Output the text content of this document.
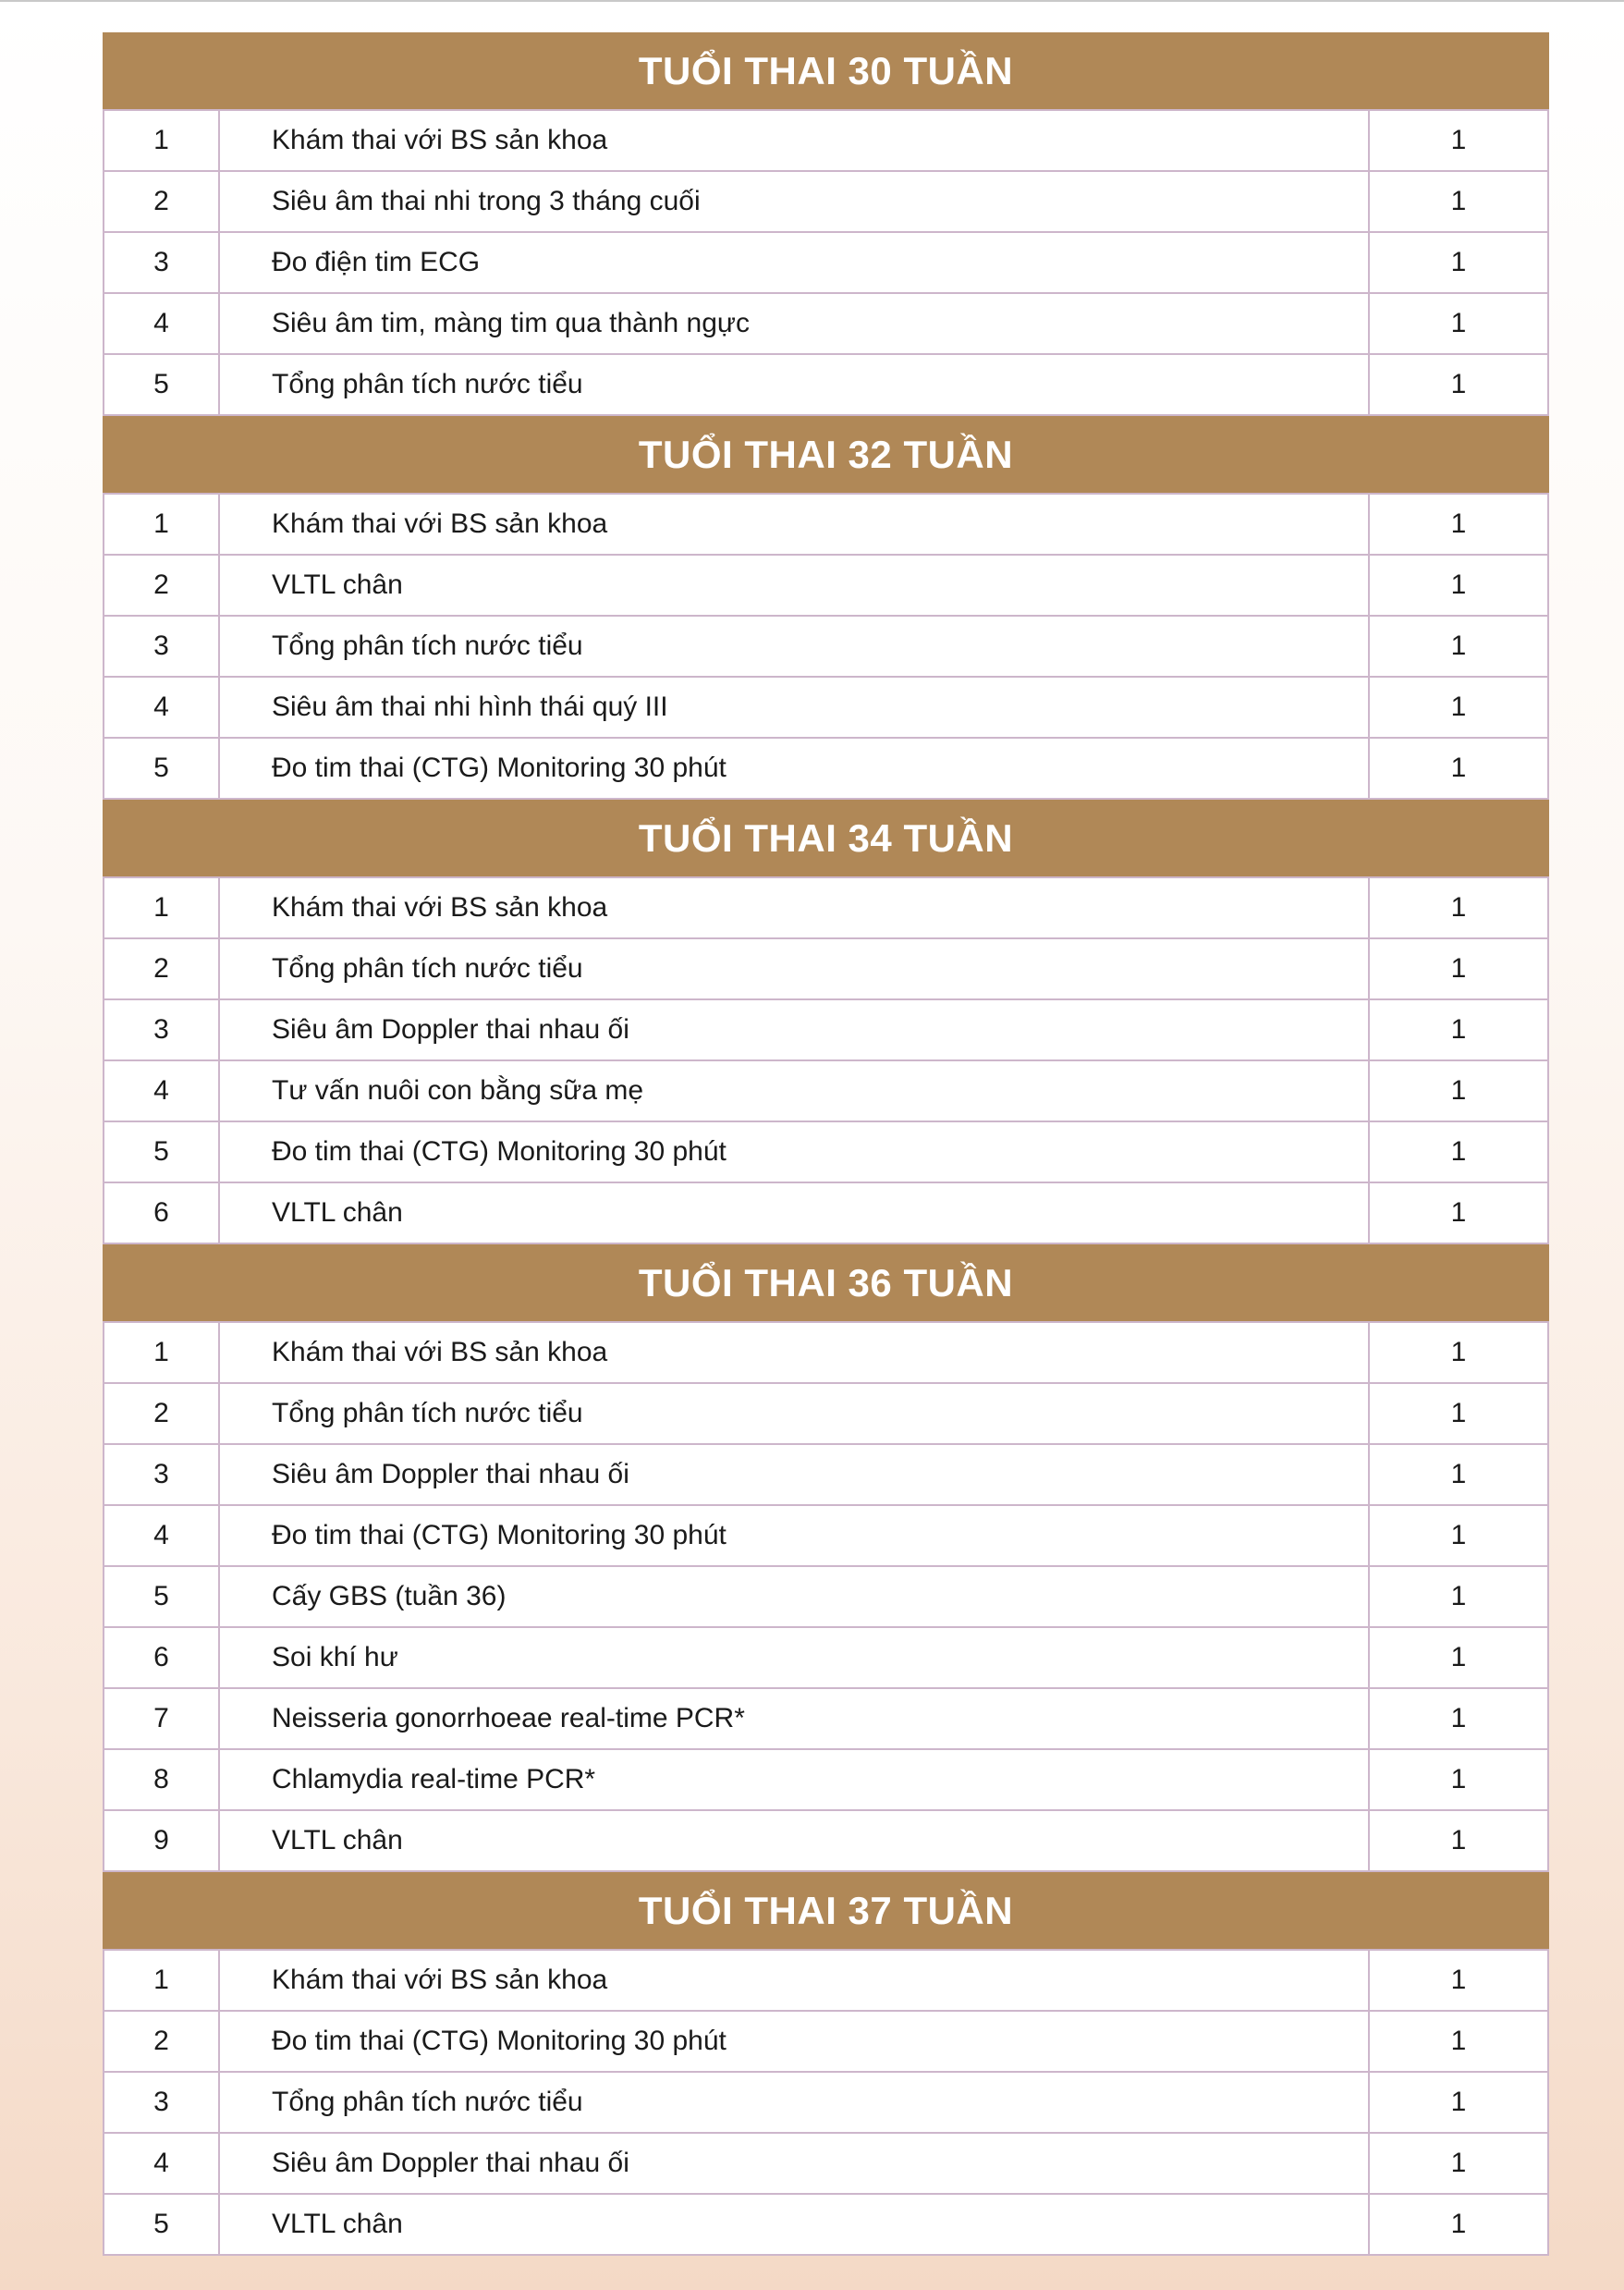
TUỔI THAI 30 TUẦN
1	Khám thai với BS sản khoa	1
2	Siêu âm thai nhi trong 3 tháng cuối	1
3	Đo điện tim ECG	1
4	Siêu âm tim, màng tim qua thành ngực	1
5	Tổng phân tích nước tiểu	1
TUỔI THAI 32 TUẦN
1	Khám thai với BS sản khoa	1
2	VLTL chân	1
3	Tổng phân tích nước tiểu	1
4	Siêu âm thai nhi hình thái quý III	1
5	Đo tim thai (CTG) Monitoring 30 phút	1
TUỔI THAI 34 TUẦN
1	Khám thai với BS sản khoa	1
2	Tổng phân tích nước tiểu	1
3	Siêu âm Doppler thai nhau ối	1
4	Tư vấn nuôi con bằng sữa mẹ	1
5	Đo tim thai (CTG) Monitoring 30 phút	1
6	VLTL chân	1
TUỔI THAI 36 TUẦN
1	Khám thai với BS sản khoa	1
2	Tổng phân tích nước tiểu	1
3	Siêu âm Doppler thai nhau ối	1
4	Đo tim thai (CTG) Monitoring 30 phút	1
5	Cấy GBS (tuần 36)	1
6	Soi khí hư	1
7	Neisseria gonorrhoeae real-time PCR*	1
8	Chlamydia real-time PCR*	1
9	VLTL chân	1
TUỔI THAI 37 TUẦN
1	Khám thai với BS sản khoa	1
2	Đo tim thai (CTG) Monitoring 30 phút	1
3	Tổng phân tích nước tiểu	1
4	Siêu âm Doppler thai nhau ối	1
5	VLTL chân	1
